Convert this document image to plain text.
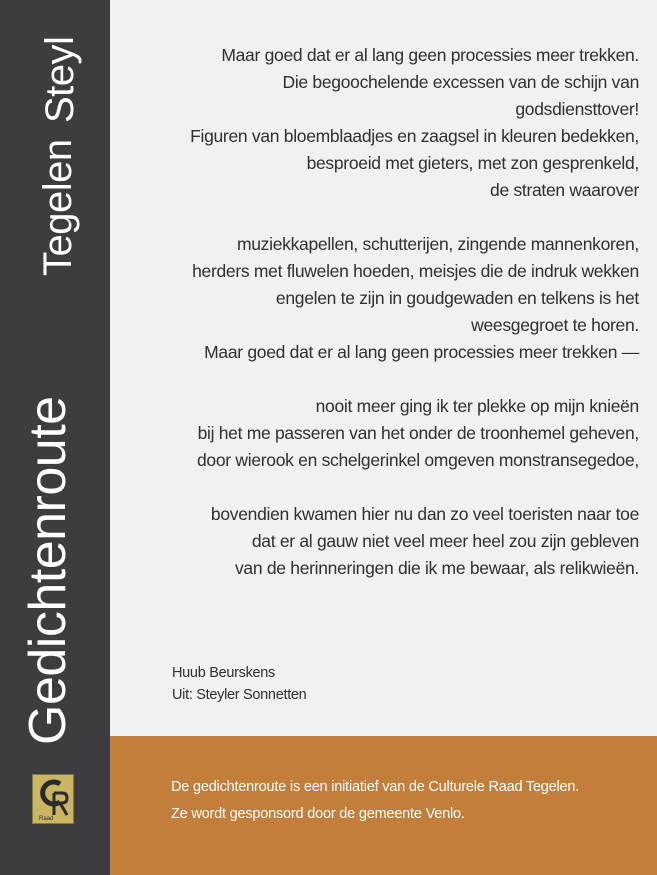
Gedichtenroute
Tegelen
Steyl
Raad
Maar goed dat er al lang geen processies meer trekken.
Die begoochelende excessen van de schijn van
godsdiensttover!
Figuren van bloemblaadjes en zaagsel in kleuren bedekken,
besproeid met gieters, met zon gesprenkeld,
de straten waarover
muziekkapellen, schutterijen, zingende mannenkoren,
herders met fluwelen hoeden, meisjes die de indruk wekken
engelen te zijn in goudgewaden en telkens is het
weesgegroet te horen.
Maar goed dat er al lang geen processies meer trekken —
nooit meer ging ik ter plekke op mijn knieën
bij het me passeren van het onder de troonhemel geheven,
door wierook en schelgerinkel omgeven monstransegedoe,
bovendien kwamen hier nu dan zo veel toeristen naar toe
dat er al gauw niet veel meer heel zou zijn gebleven
van de herinneringen die ik me bewaar, als relikwieën.
Huub Beurskens
Uit: Steyler Sonnetten
De gedichtenroute is een initiatief van de Culturele Raad Tegelen.
Ze wordt gesponsord door de gemeente Venlo.
